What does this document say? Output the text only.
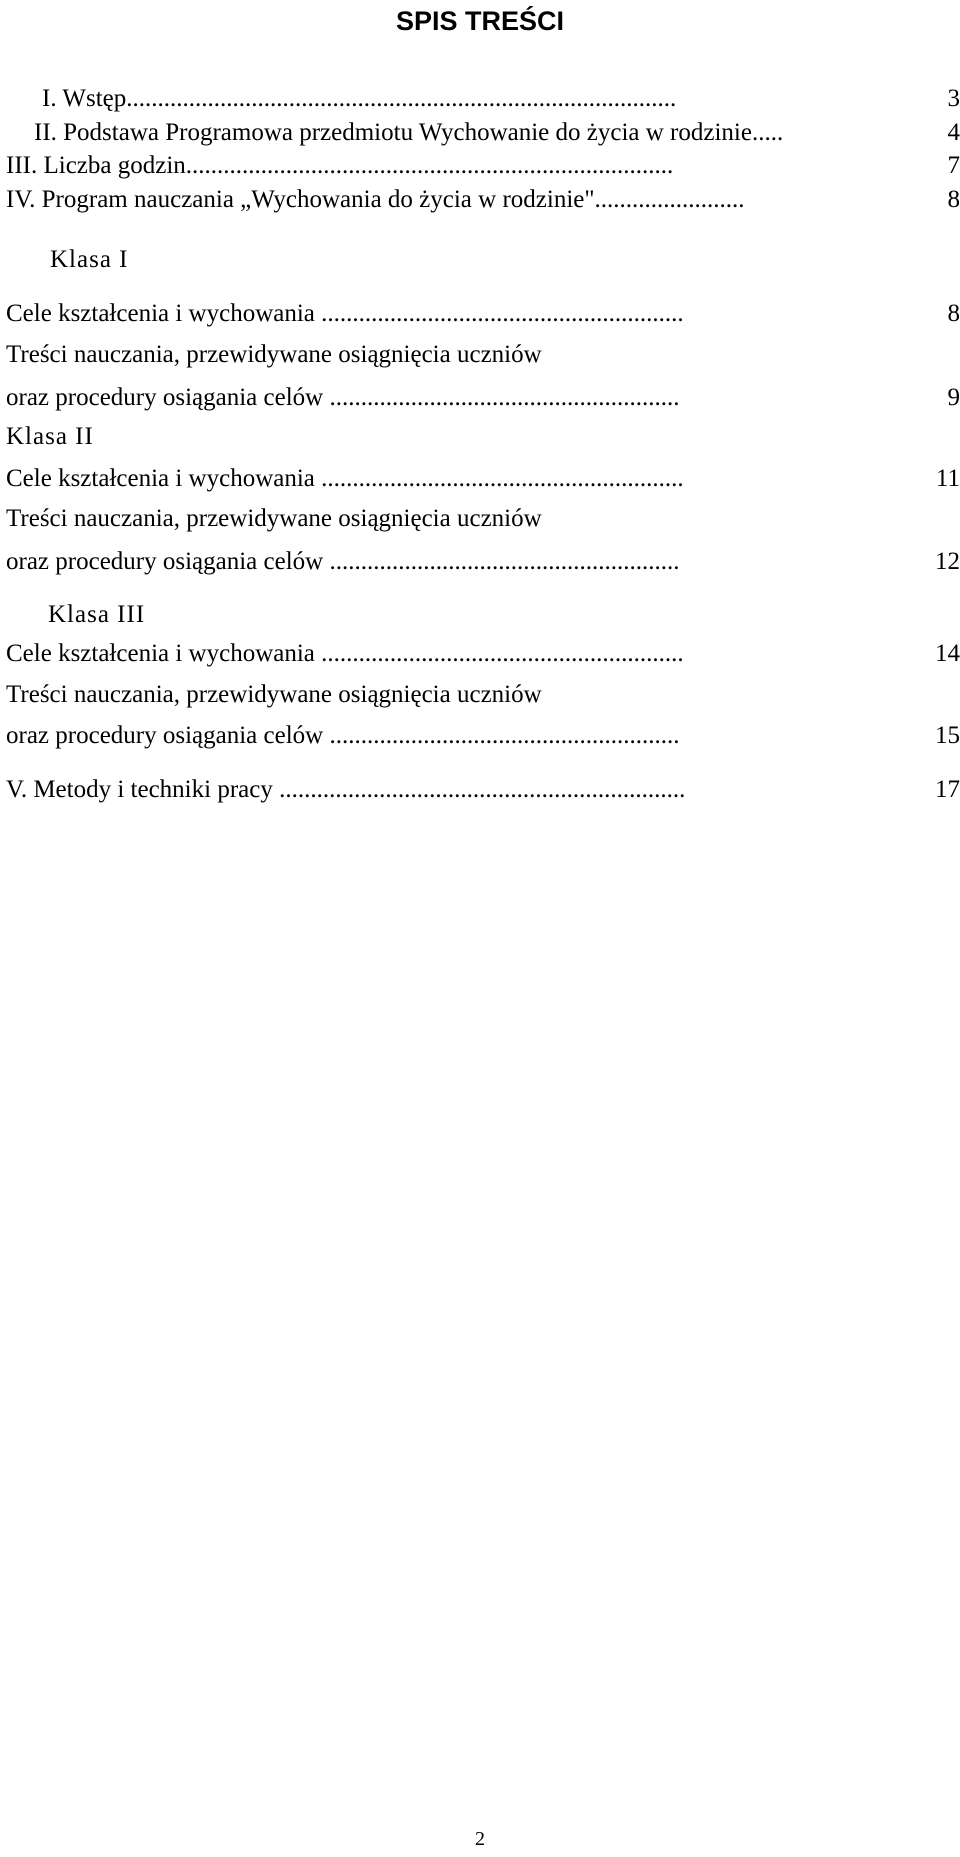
SPIS TREŚCI
I. Wstęp........................................................................................	3
II. Podstawa Programowa przedmiotu Wychowanie do życia w rodzinie.....	4
III. Liczba godzin..............................................................................	7
IV. Program nauczania „Wychowania do życia w rodzinie"........................	8
Klasa I
Cele kształcenia i wychowania ..........................................................	8
Treści nauczania, przewidywane osiągnięcia uczniów
oraz procedury osiągania celów ........................................................	9
Klasa II
Cele kształcenia i wychowania ..........................................................	11
Treści nauczania, przewidywane osiągnięcia uczniów
oraz procedury osiągania celów ........................................................	12
Klasa III
Cele kształcenia i wychowania ..........................................................	14
Treści nauczania, przewidywane osiągnięcia uczniów
oraz procedury osiągania celów ........................................................	15
V. Metody i techniki pracy .................................................................	17
2
